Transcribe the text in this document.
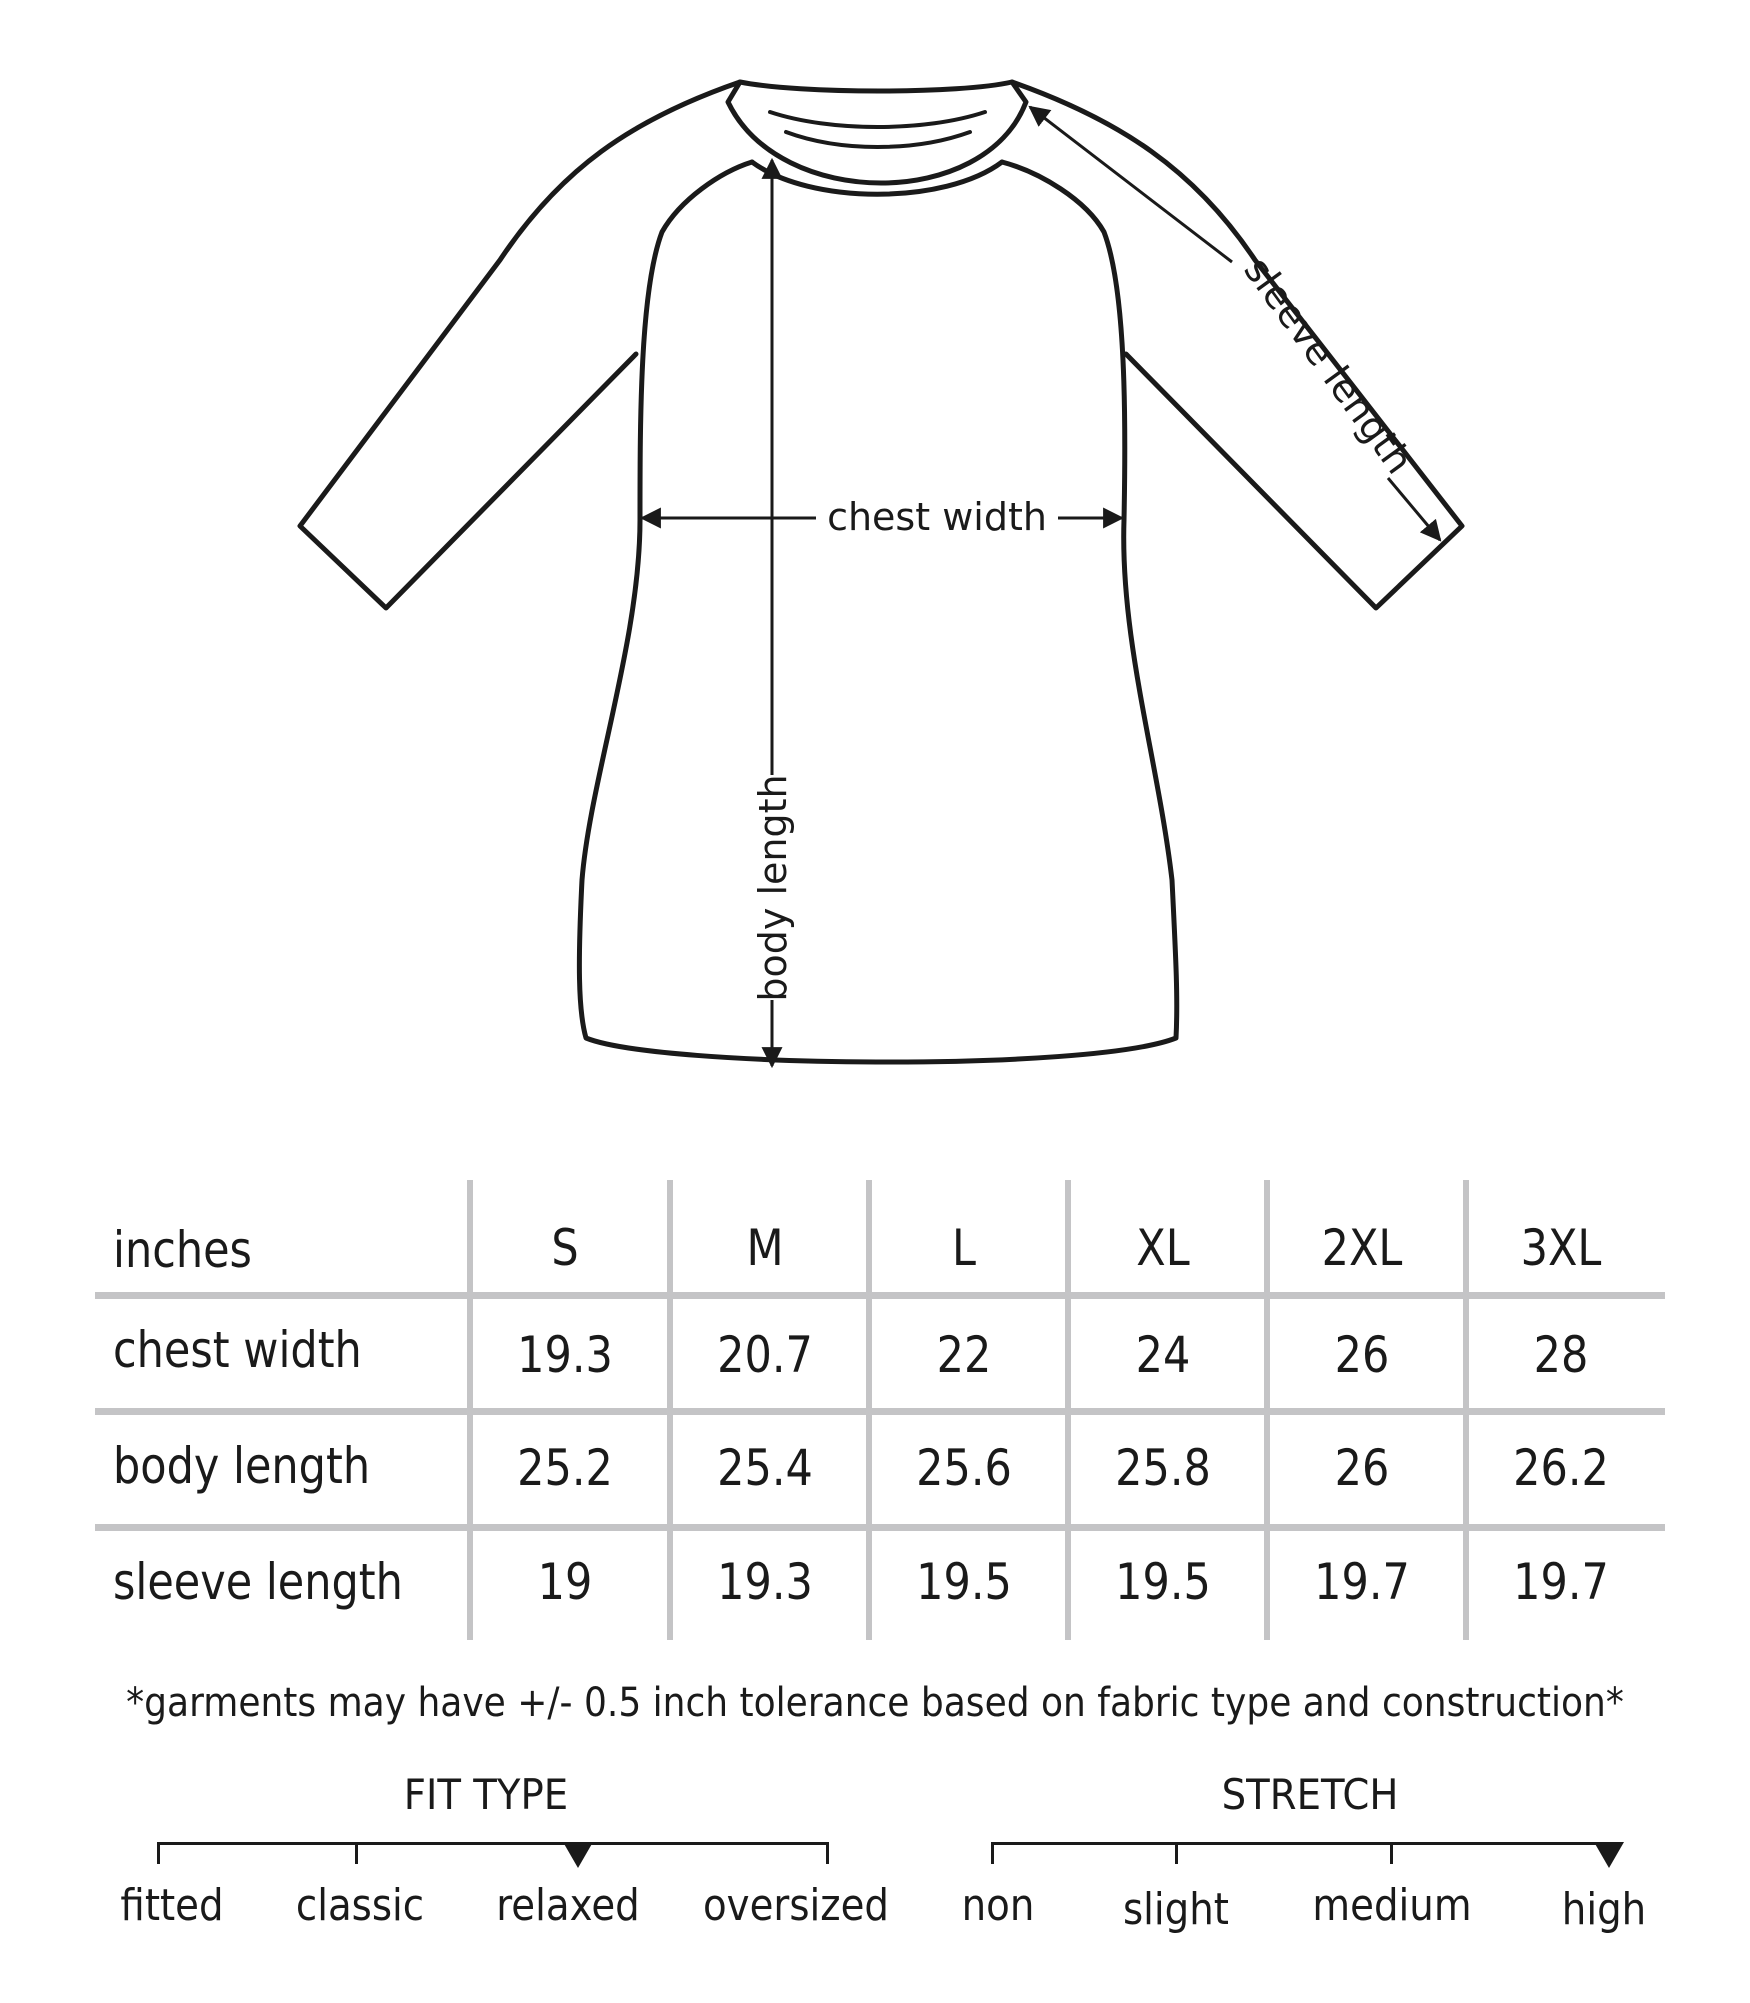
chest width
body length
sleeve length
inches	S	M	L	XL	2XL	3XL
chest width	19.3	20.7	22	24	26	28
body length	25.2	25.4	25.6	25.8	26	26.2
sleeve length	19	19.3	19.5	19.5	19.7	19.7
*garments may have +/- 0.5 inch tolerance based on fabric type and construction*
FIT TYPE
fitted	classic	relaxed	oversized
STRETCH
non	slight	medium	high
